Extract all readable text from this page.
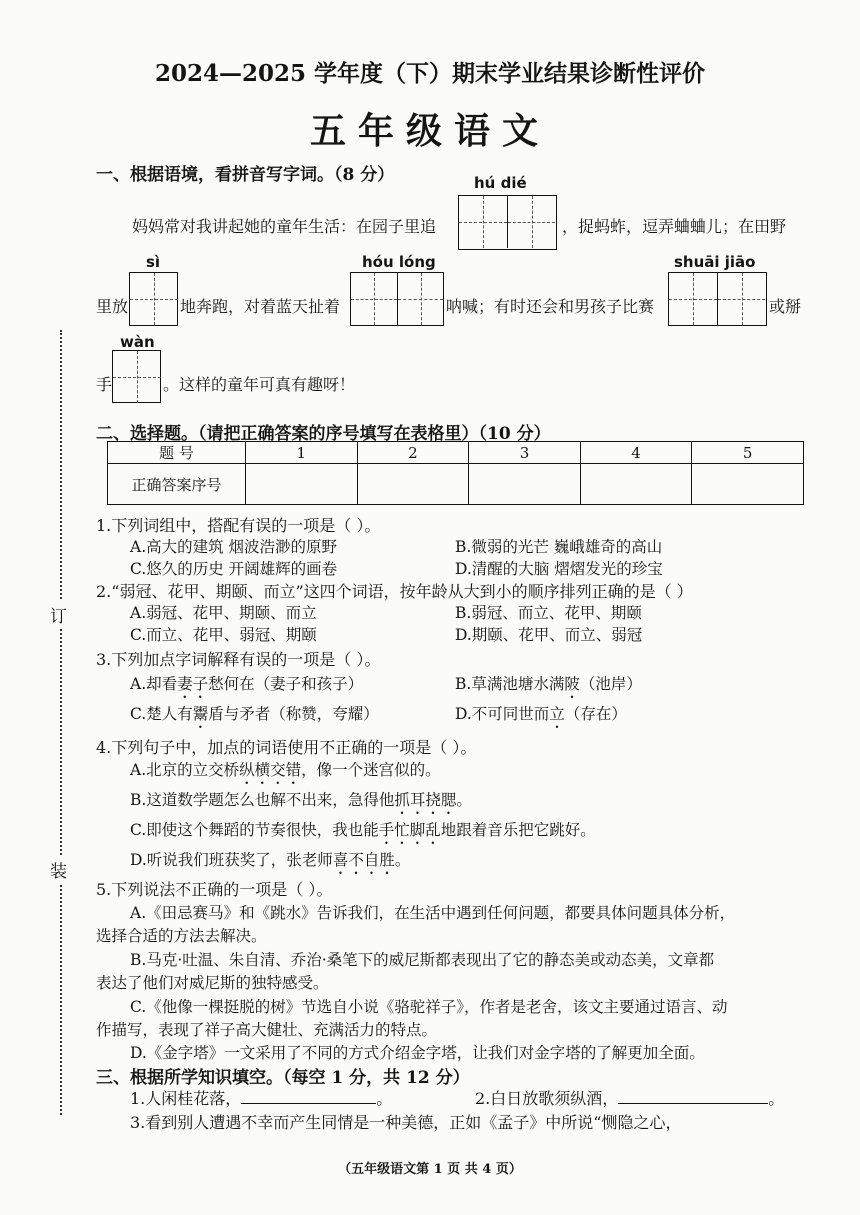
2024—2025 学年度（下）期末学业结果诊断性评价
五年级语文
订
装
一、根据语境，看拼音写字词。（8 分）	hú dié
妈妈常对我讲起她的童年生活：在园子里追	，捉蚂蚱，逗弄蛐蛐儿；在田野
sì	hóu lóng	shuāi jiāo
里放	地奔跑，对着蓝天扯着	呐喊；有时还会和男孩子比赛	或掰
wàn
手	。这样的童年可真有趣呀！
二、选择题。（请把正确答案的序号填写在表格里）（10 分）
题 号	1	2	3	4	5
正确答案序号					
1.下列词组中，搭配有误的一项是（ ）。
A.高大的建筑 烟波浩渺的原野	B.微弱的光芒 巍峨雄奇的高山
C.悠久的历史 开阔雄辉的画卷	D.清醒的大脑 熠熠发光的珍宝
2.“弱冠、花甲、期颐、而立”这四个词语，按年龄从大到小的顺序排列正确的是（ ）
A.弱冠、花甲、期颐、而立	B.弱冠、而立、花甲、期颐
C.而立、花甲、弱冠、期颐	D.期颐、花甲、而立、弱冠
3.下列加点字词解释有误的一项是（ ）。
A.却看妻子愁何在（妻子和孩子）	B.草满池塘水满陂（池岸）
C.楚人有鬻盾与矛者（称赞，夸耀）	D.不可同世而立（存在）
4.下列句子中，加点的词语使用不正确的一项是（ ）。
A.北京的立交桥纵横交错，像一个迷宫似的。
B.这道数学题怎么也解不出来，急得他抓耳挠腮。
C.即使这个舞蹈的节奏很快，我也能手忙脚乱地跟着音乐把它跳好。
D.听说我们班获奖了，张老师喜不自胜。
5.下列说法不正确的一项是（ ）。
A.《田忌赛马》和《跳水》告诉我们，在生活中遇到任何问题，都要具体问题具体分析，
选择合适的方法去解决。
B.马克·吐温、朱自清、乔治·桑笔下的威尼斯都表现出了它的静态美或动态美，文章都
表达了他们对威尼斯的独特感受。
C.《他像一棵挺脱的树》节选自小说《骆驼祥子》，作者是老舍，该文主要通过语言、动
作描写，表现了祥子高大健壮、充满活力的特点。
D.《金字塔》一文采用了不同的方式介绍金字塔，让我们对金字塔的了解更加全面。
三、根据所学知识填空。（每空 1 分，共 12 分）
1.人闲桂花落，	。	2.白日放歌须纵酒，	。
3.看到别人遭遇不幸而产生同情是一种美德，正如《孟子》中所说“恻隐之心，
（五年级语文第 1 页 共 4 页）
